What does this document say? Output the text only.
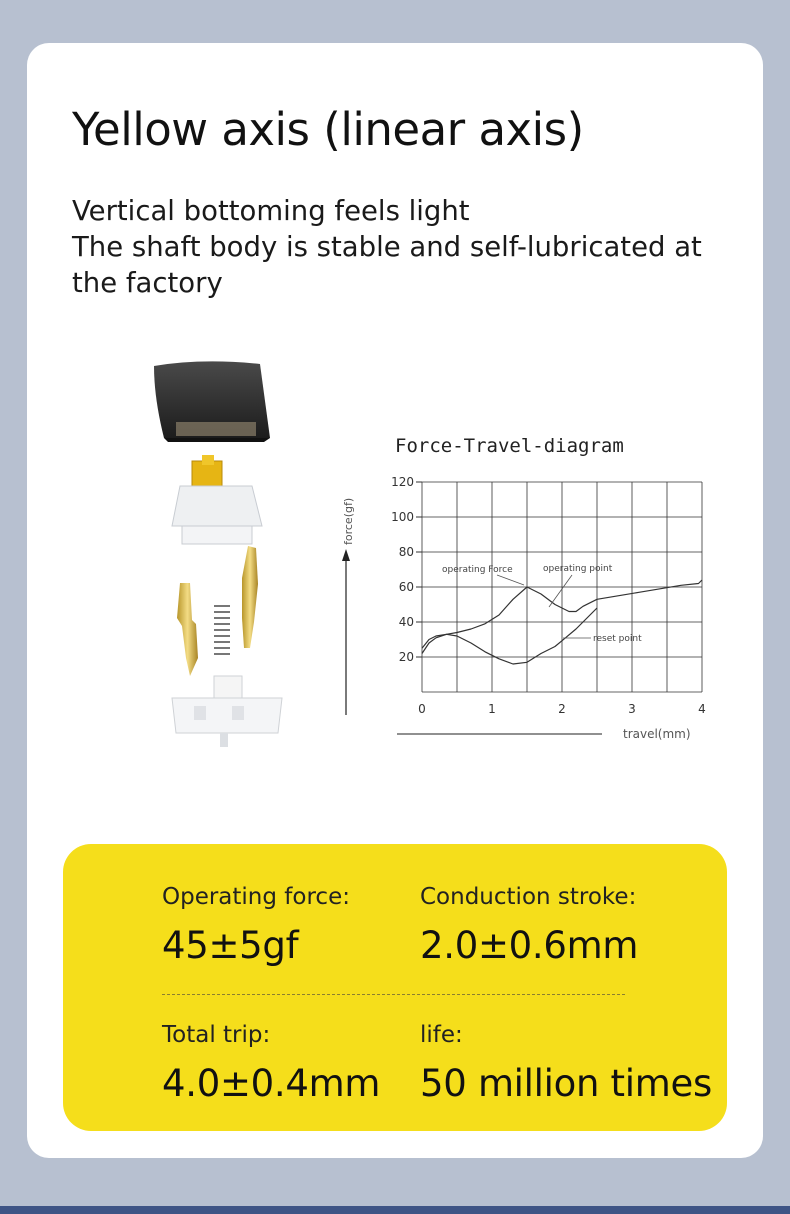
Yellow axis (linear axis)
Vertical bottoming feels light
The shaft body is stable and self-lubricated at
the factory
Force-Travel-diagram
20
40
60
80
100
120
0	1	2	3	4
force(gf)
travel(mm)
operating Force	operating point
reset point
Operating force:
45±5gf
Conduction stroke:
2.0±0.6mm
Total trip:
4.0±0.4mm
life:
50 million times
